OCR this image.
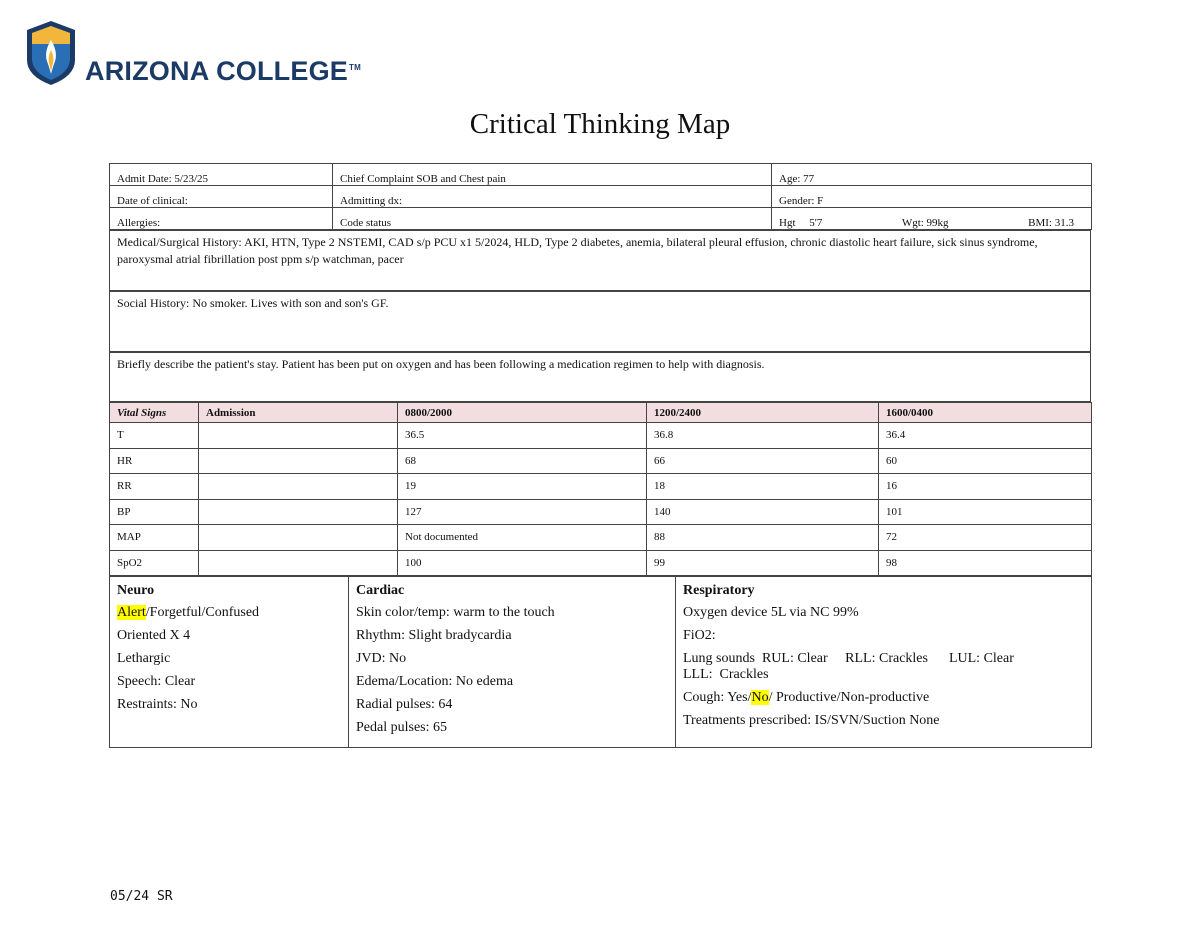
ARIZONA COLLEGE™
Critical Thinking Map
Admit Date: 5/23/25	Chief Complaint SOB and Chest pain	Age: 77
Date of clinical:	Admitting dx:	Gender: F
Allergies:	Code status	Hgt 5'7 Wgt: 99kg BMI: 31.3
Medical/Surgical History: AKI, HTN, Type 2 NSTEMI, CAD s/p PCU x1 5/2024, HLD, Type 2 diabetes, anemia, bilateral pleural effusion, chronic diastolic heart failure, sick sinus syndrome, paroxysmal atrial fibrillation post ppm s/p watchman, pacer
Social History: No smoker. Lives with son and son's GF.
Briefly describe the patient's stay. Patient has been put on oxygen and has been following a medication regimen to help with diagnosis.
Vital Signs	Admission	0800/2000	1200/2400	1600/0400
T		36.5	36.8	36.4
HR		68	66	60
RR		19	18	16
BP		127	140	101
MAP		Not documented	88	72
SpO2		100	99	98
Neuro
Alert/Forgetful/Confused
Oriented X 4
Lethargic
Speech: Clear
Restraints: No

Cardiac
Skin color/temp: warm to the touch
Rhythm: Slight bradycardia
JVD: No
Edema/Location: No edema
Radial pulses: 64
Pedal pulses: 65

Respiratory
Oxygen device 5L via NC 99%
FiO2:
Lung sounds  RUL: Clear     RLL: Crackles      LUL: Clear
LLL:  Crackles
Cough: Yes/No/ Productive/Non-productive
Treatments prescribed: IS/SVN/Suction None
05/24 SR
